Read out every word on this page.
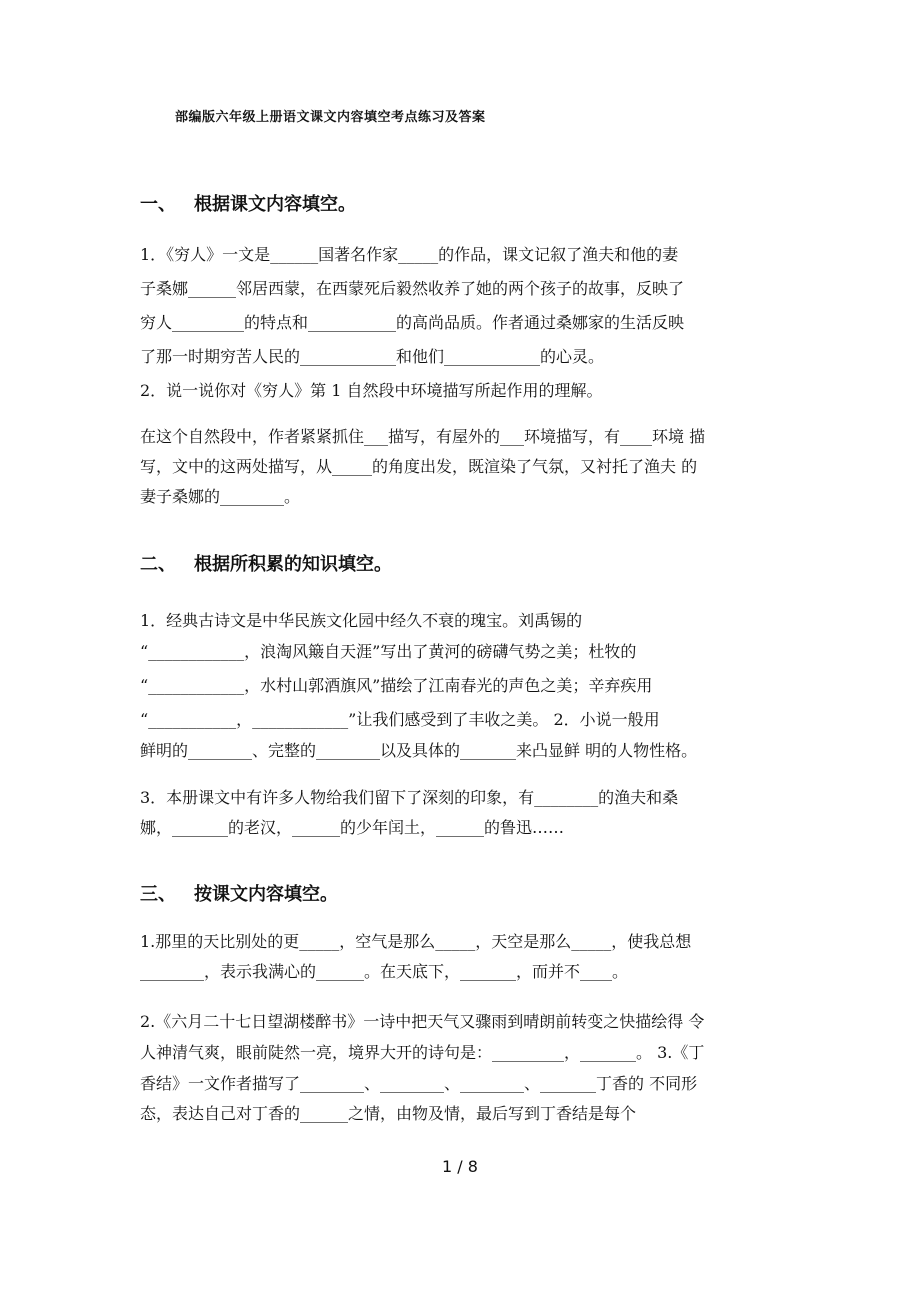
部编版六年级上册语文课文内容填空考点练习及答案
一、 根据课文内容填空。
1．《穷人》一文是______国著名作家_____的作品，课文记叙了渔夫和他的妻
子桑娜______邻居西蒙，在西蒙死后毅然收养了她的两个孩子的故事，反映了
穷人_________的特点和___________的高尚品质。作者通过桑娜家的生活反映
了那一时期穷苦人民的____________和他们____________的心灵。
2．说一说你对《穷人》第 1 自然段中环境描写所起作用的理解。
在这个自然段中，作者紧紧抓住___描写，有屋外的___环境描写，有____环境 描
写，文中的这两处描写，从_____的角度出发，既渲染了气氛，又衬托了渔夫 的
妻子桑娜的________。
二、 根据所积累的知识填空。
1．经典古诗文是中华民族文化园中经久不衰的瑰宝。刘禹锡的
“____________，浪淘风簸自天涯”写出了黄河的磅礴气势之美；杜牧的
“____________，水村山郭酒旗风”描绘了江南春光的声色之美；辛弃疾用
“___________，____________”让我们感受到了丰收之美。 2．小说一般用
鲜明的________、完整的________以及具体的_______来凸显鲜 明的人物性格。
3．本册课文中有许多人物给我们留下了深刻的印象，有________的渔夫和桑
娜，_______的老汉，______的少年闰土，______的鲁迅……
三、 按课文内容填空。
1.那里的天比别处的更_____，空气是那么_____，天空是那么_____，使我总想
________，表示我满心的______。在天底下，_______，而并不____。
2.《六月二十七日望湖楼醉书》一诗中把天气又骤雨到晴朗前转变之快描绘得 令
人神清气爽，眼前陡然一亮，境界大开的诗句是：_________，_______。 3.《丁
香结》一文作者描写了________、________、________、_______丁香的 不同形
态，表达自己对丁香的______之情，由物及情，最后写到丁香结是每个
1 / 8
